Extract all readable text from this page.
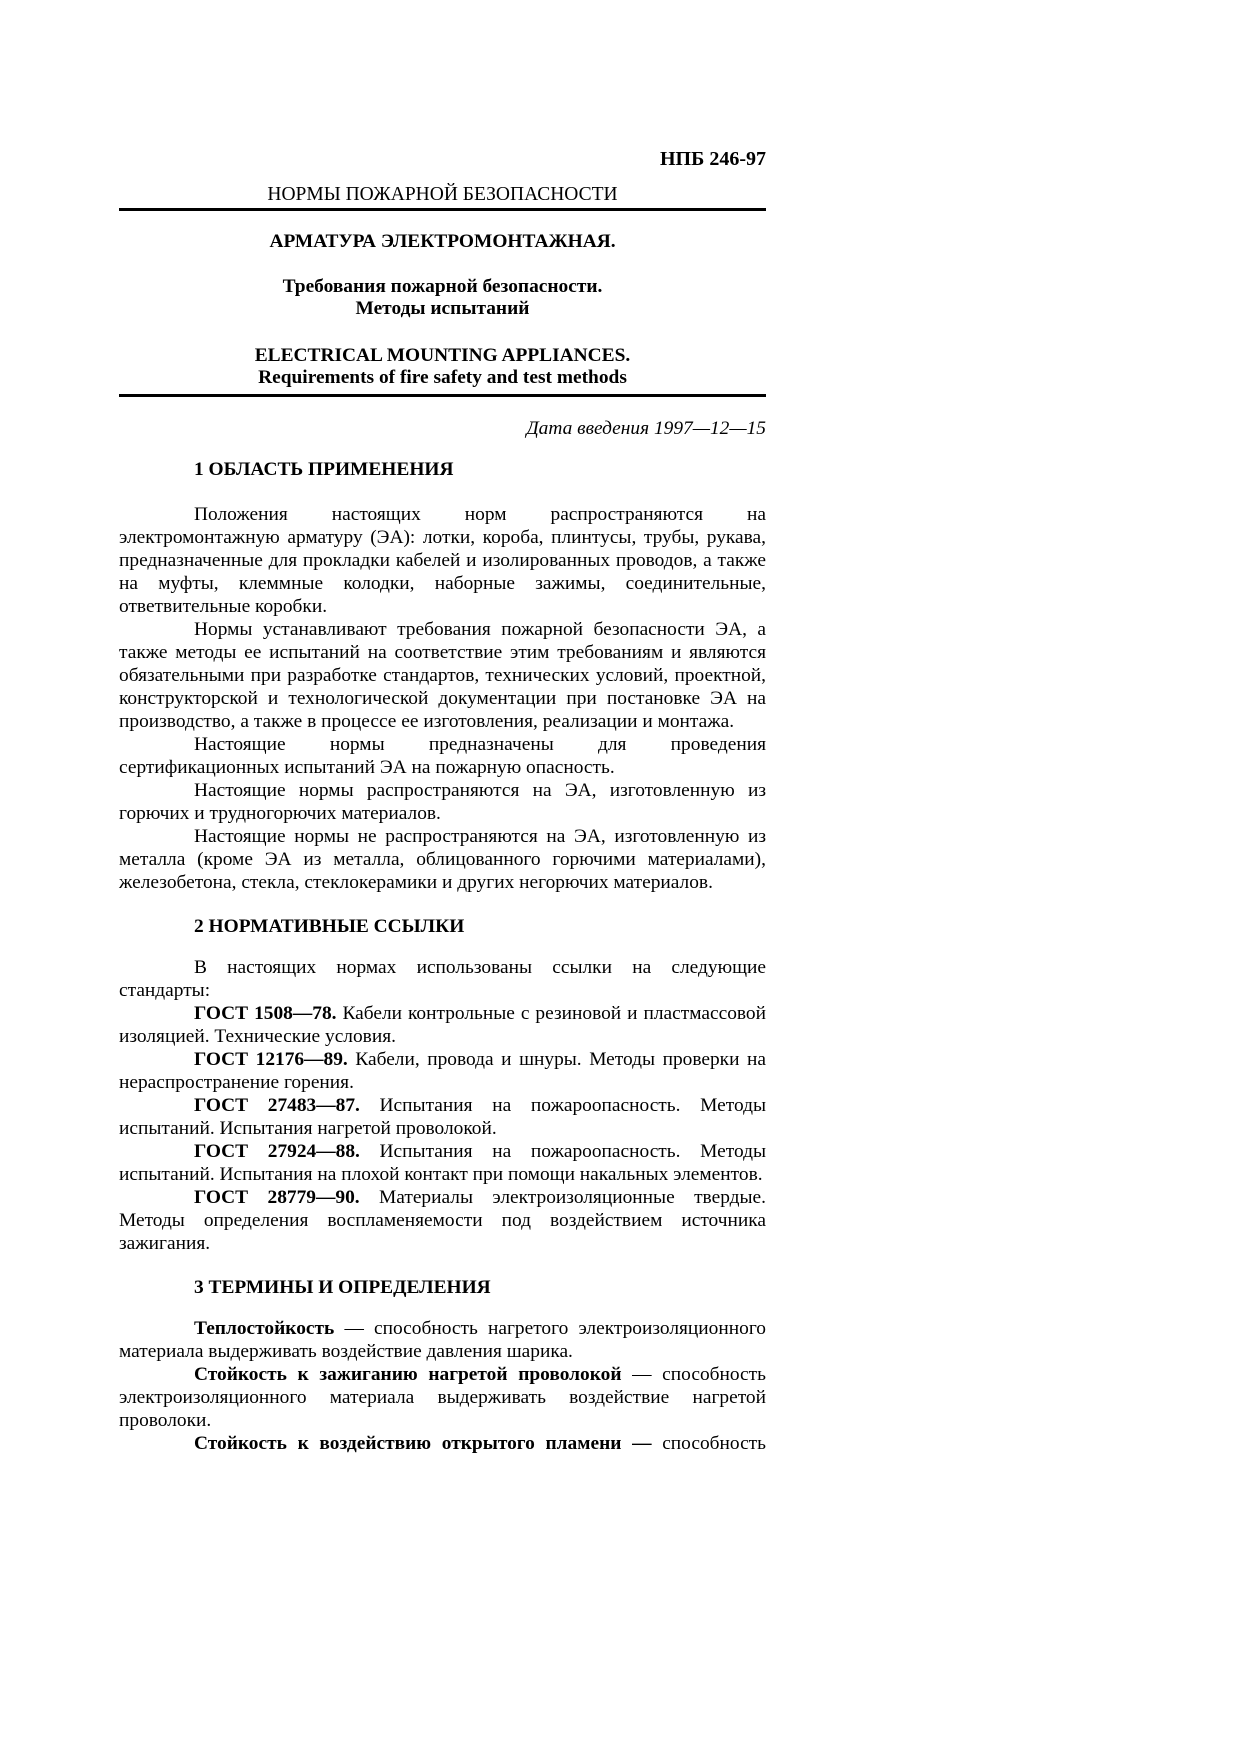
НПБ 246-97
НОРМЫ ПОЖАРНОЙ БЕЗОПАСНОСТИ
АРМАТУРА ЭЛЕКТРОМОНТАЖНАЯ.
Требования пожарной безопасности.
Методы испытаний
ELECTRICAL MOUNTING APPLIANCES.
Requirements of fire safety and test methods
Дата введения 1997—12—15
1 ОБЛАСТЬ ПРИМЕНЕНИЯ

Положения настоящих норм распространяются на электромонтажную арматуру (ЭА): лотки, короба, плинтусы, трубы, рукава, предназначенные для прокладки кабелей и изолированных проводов, а также на муфты, клеммные колодки, наборные зажимы, соединительные, ответвительные коробки.

Нормы устанавливают требования пожарной безопасности ЭА, а также методы ее испытаний на соответствие этим требованиям и являются обязательными при разработке стандартов, технических условий, проектной, конструкторской и технологической документации при постановке ЭА на производство, а также в процессе ее изготовления, реализации и монтажа.

Настоящие нормы предназначены для проведения сертификационных испытаний ЭА на пожарную опасность.

Настоящие нормы распространяются на ЭА, изготовленную из горючих и трудногорючих материалов.

Настоящие нормы не распространяются на ЭА, изготовленную из металла (кроме ЭА из металла, облицованного горючими материалами), железобетона, стекла, стеклокерамики и других негорючих материалов.

2 НОРМАТИВНЫЕ ССЫЛКИ

В настоящих нормах использованы ссылки на следующие стандарты:

ГОСТ 1508—78. Кабели контрольные с резиновой и пластмассовой изоляцией. Технические условия.

ГОСТ 12176—89. Кабели, провода и шнуры. Методы проверки на нераспространение горения.

ГОСТ 27483—87. Испытания на пожароопасность. Методы испытаний. Испытания нагретой проволокой.

ГОСТ 27924—88. Испытания на пожароопасность. Методы испытаний. Испытания на плохой контакт при помощи накальных элементов.

ГОСТ 28779—90. Материалы электроизоляционные твердые. Методы определения воспламеняемости под воздействием источника зажигания.

3 ТЕРМИНЫ И ОПРЕДЕЛЕНИЯ

Теплостойкость — способность нагретого электроизоляционного материала выдерживать воздействие давления шарика.

Стойкость к зажиганию нагретой проволокой — способность электроизоляционного материала выдерживать воздействие нагретой проволоки.

Стойкость к воздействию открытого пламени — способность
